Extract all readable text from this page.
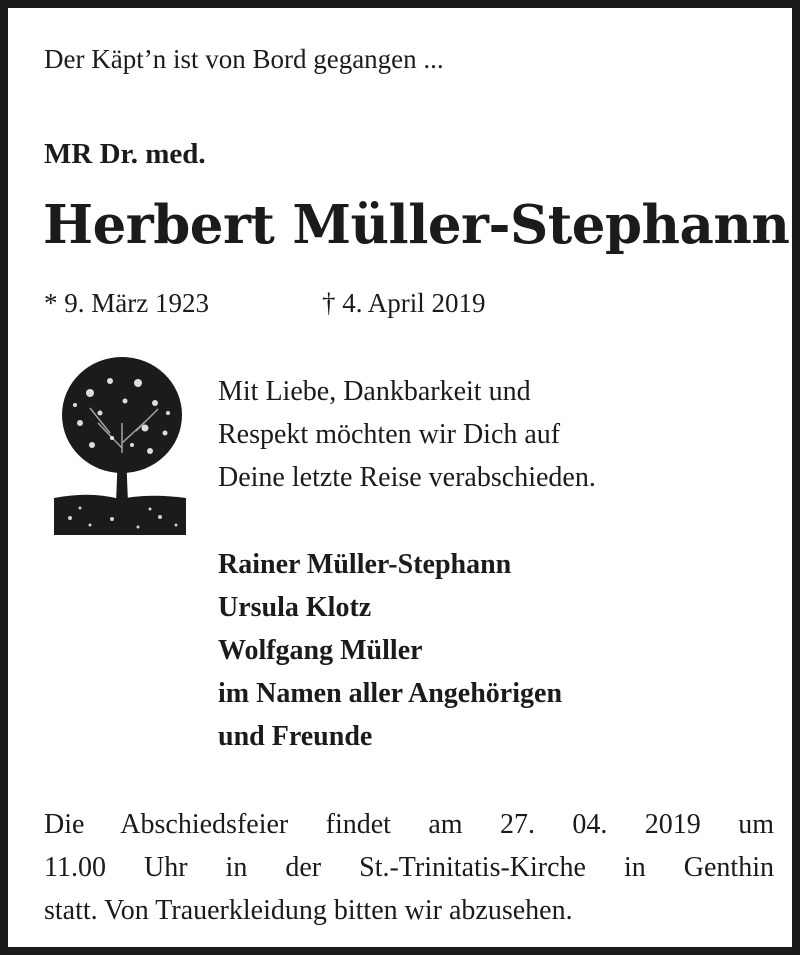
Der Käpt’n ist von Bord gegangen ...
MR Dr. med.
Herbert Müller-Stephann
* 9. März 1923	† 4. April 2019
Mit Liebe, Dankbarkeit und
Respekt möchten wir Dich auf
Deine letzte Reise verabschieden.
Rainer Müller-Stephann
Ursula Klotz
Wolfgang Müller
im Namen aller Angehörigen
und Freunde
Die Abschiedsfeier findet am 27. 04. 2019 um
11.00 Uhr in der St.-Trinitatis-Kirche in Genthin
statt. Von Trauerkleidung bitten wir abzusehen.
